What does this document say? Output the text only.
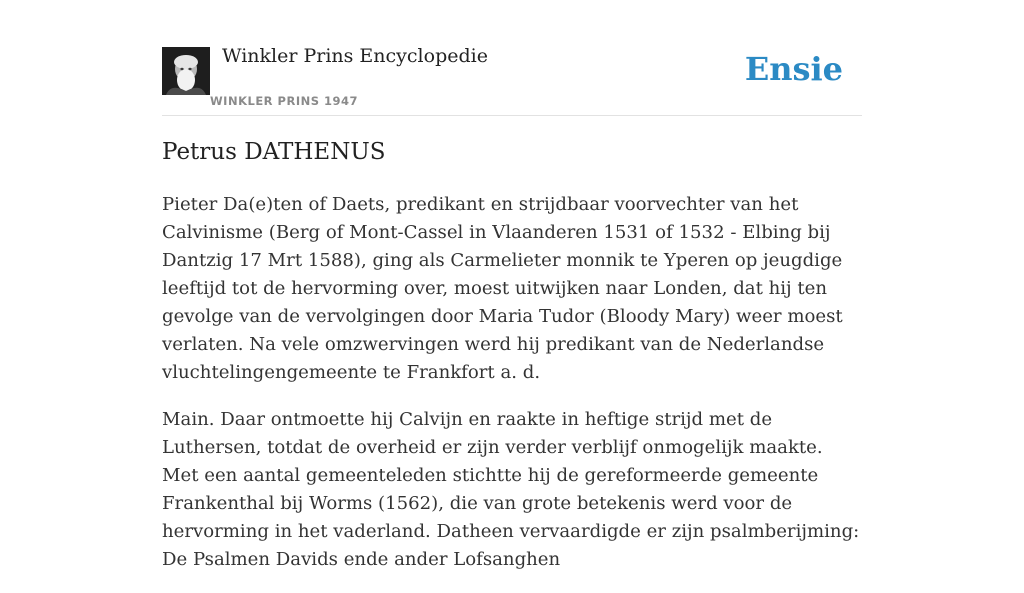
Winkler Prins Encyclopedie
WINKLER PRINS 1947
Ensie
Petrus DATHENUS

Pieter Da(e)ten of Daets, predikant en strijdbaar voorvechter van het Calvinisme (Berg of Mont-Cassel in Vlaanderen 1531 of 1532 - Elbing bij Dantzig 17 Mrt 1588), ging als Carmelieter monnik te Yperen op jeugdige leeftijd tot de hervorming over, moest uitwijken naar Londen, dat hij ten gevolge van de vervolgingen door Maria Tudor (Bloody Mary) weer moest verlaten. Na vele omzwervingen werd hij predikant van de Nederlandse vluchtelingengemeente te Frankfort a. d.

Main. Daar ontmoette hij Calvijn en raakte in heftige strijd met de Luthersen, totdat de overheid er zijn verder verblijf onmogelijk maakte. Met een aantal gemeenteleden stichtte hij de gereformeerde gemeente Frankenthal bij Worms (1562), die van grote betekenis werd voor de hervorming in het vaderland. Datheen vervaardigde er zijn psalmberijming: De Psalmen Davids ende ander Lofsanghen
